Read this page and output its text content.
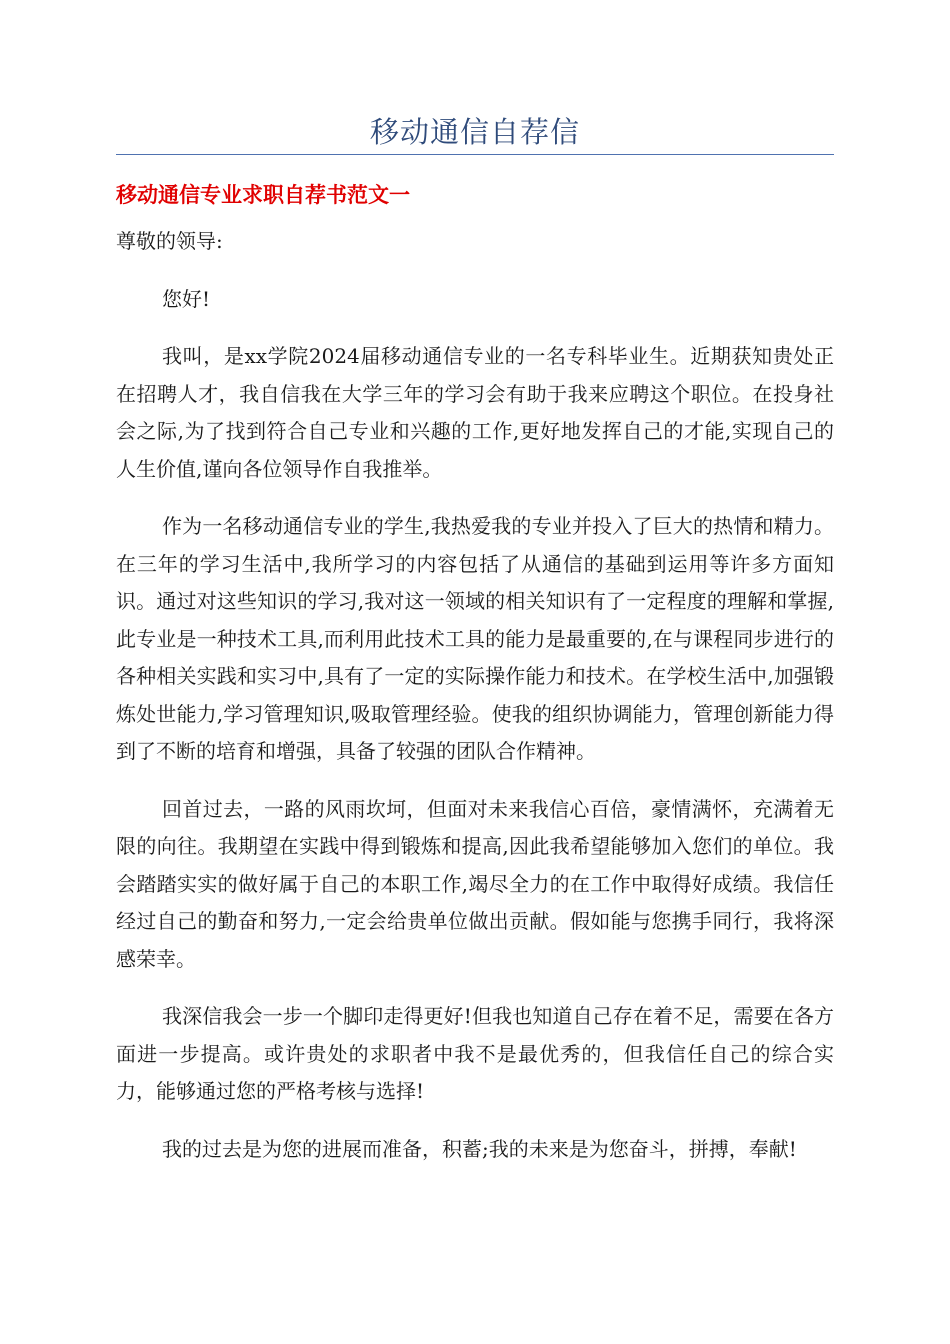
移动通信自荐信
移动通信专业求职自荐书范文一

尊敬的领导:

您好!

我叫，是xx学院2024届移动通信专业的一名专科毕业生。近期获知贵处正在招聘人才，我自信我在大学三年的学习会有助于我来应聘这个职位。在投身社会之际,为了找到符合自己专业和兴趣的工作,更好地发挥自己的才能,实现自己的人生价值,谨向各位领导作自我推举。

作为一名移动通信专业的学生,我热爱我的专业并投入了巨大的热情和精力。在三年的学习生活中,我所学习的内容包括了从通信的基础到运用等许多方面知识。通过对这些知识的学习,我对这一领域的相关知识有了一定程度的理解和掌握,此专业是一种技术工具,而利用此技术工具的能力是最重要的,在与课程同步进行的各种相关实践和实习中,具有了一定的实际操作能力和技术。在学校生活中,加强锻炼处世能力,学习管理知识,吸取管理经验。使我的组织协调能力，管理创新能力得到了不断的培育和增强，具备了较强的团队合作精神。

回首过去，一路的风雨坎坷，但面对未来我信心百倍，豪情满怀，充满着无限的向往。我期望在实践中得到锻炼和提高,因此我希望能够加入您们的单位。我会踏踏实实的做好属于自己的本职工作,竭尽全力的在工作中取得好成绩。我信任经过自己的勤奋和努力,一定会给贵单位做出贡献。假如能与您携手同行，我将深感荣幸。

我深信我会一步一个脚印走得更好!但我也知道自己存在着不足，需要在各方面进一步提高。或许贵处的求职者中我不是最优秀的，但我信任自己的综合实力，能够通过您的严格考核与选择!

我的过去是为您的进展而准备，积蓄;我的未来是为您奋斗，拼搏，奉献!
